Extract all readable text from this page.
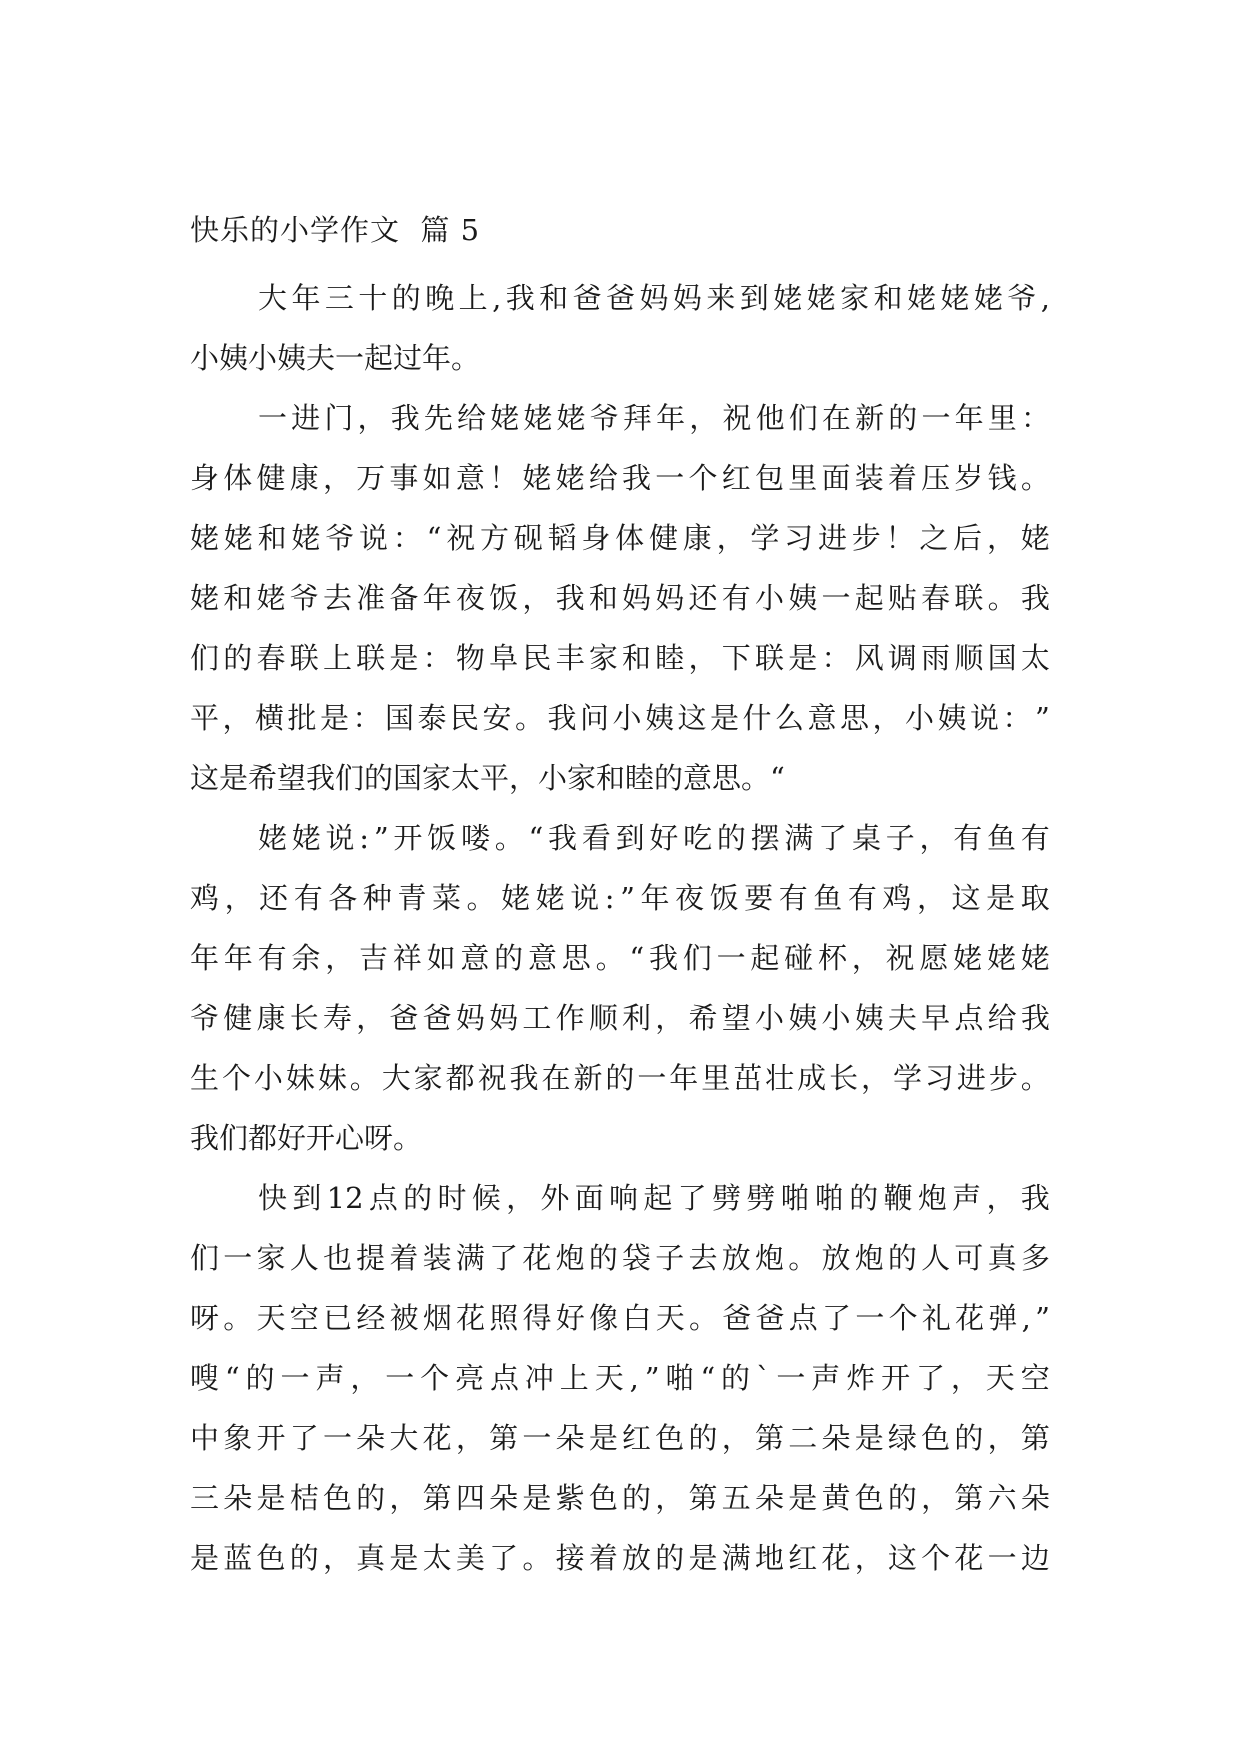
快乐的小学作文  篇 5
大 年 三 十 的 晚 上 , 我 和 爸 爸 妈 妈 来 到 姥 姥 家 和 姥 姥 姥 爷 ,
小姨小姨夫一起过年。
一 进 门 ， 我 先 给 姥 姥 姥 爷 拜 年 ， 祝 他 们 在 新 的 一 年 里 ：
身 体 健 康 ， 万 事 如 意 ！ 姥 姥 给 我 一 个 红 包 里 面 装 着 压 岁 钱 。
姥 姥 和 姥 爷 说 ： “ 祝 方 砚 韬 身 体 健 康 ， 学 习 进 步 ！ 之 后 ， 姥
姥 和 姥 爷 去 准 备 年 夜 饭 ， 我 和 妈 妈 还 有 小 姨 一 起 贴 春 联 。 我
们 的 春 联 上 联 是 ： 物 阜 民 丰 家 和 睦 ， 下 联 是 ： 风 调 雨 顺 国 太
平 ， 横 批 是 ： 国 泰 民 安 。 我 问 小 姨 这 是 什 么 意 思 ， 小 姨 说 ： ”
这是希望我们的国家太平，小家和睦的意思。“
姥 姥 说 : ” 开 饭 喽 。 “ 我 看 到 好 吃 的 摆 满 了 桌 子 ， 有 鱼 有
鸡 ， 还 有 各 种 青 菜 。 姥 姥 说 : ” 年 夜 饭 要 有 鱼 有 鸡 ， 这 是 取
年 年 有 余 ， 吉 祥 如 意 的 意 思 。 “ 我 们 一 起 碰 杯 ， 祝 愿 姥 姥 姥
爷 健 康 长 寿 ， 爸 爸 妈 妈 工 作 顺 利 ， 希 望 小 姨 小 姨 夫 早 点 给 我
生 个 小 妹 妹 。 大 家 都 祝 我 在 新 的 一 年 里 茁 壮 成 长 ， 学 习 进 步 。
我们都好开心呀。
快 到 12 点 的 时 候 ， 外 面 响 起 了 劈 劈 啪 啪 的 鞭 炮 声 ， 我
们 一 家 人 也 提 着 装 满 了 花 炮 的 袋 子 去 放 炮 。 放 炮 的 人 可 真 多
呀 。 天 空 已 经 被 烟 花 照 得 好 像 白 天 。 爸 爸 点 了 一 个 礼 花 弹 , ”
嗖 “ 的 一 声 ， 一 个 亮 点 冲 上 天 , ” 啪 “ 的 ` 一 声 炸 开 了 ， 天 空
中 象 开 了 一 朵 大 花 ， 第 一 朵 是 红 色 的 ， 第 二 朵 是 绿 色 的 ， 第
三 朵 是 桔 色 的 ， 第 四 朵 是 紫 色 的 ， 第 五 朵 是 黄 色 的 ， 第 六 朵
是 蓝 色 的 ， 真 是 太 美 了 。 接 着 放 的 是 满 地 红 花 ， 这 个 花 一 边
